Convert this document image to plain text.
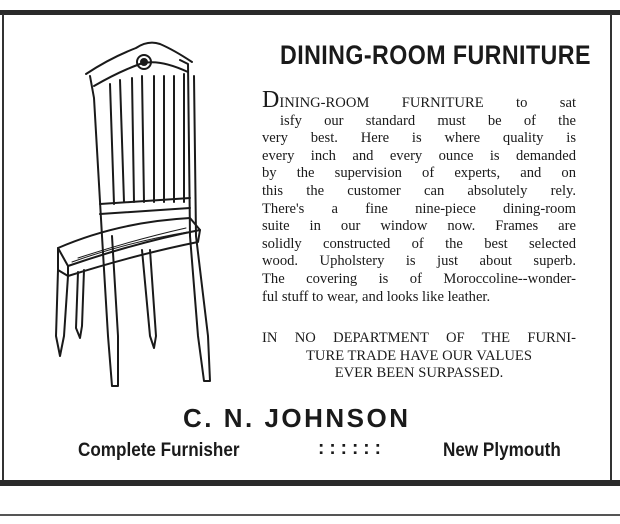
DINING-ROOM FURNITURE
DINING-ROOM FURNITURE to sat
isfy our standard must be of the
very best. Here is where quality is
every inch and every ounce is demanded
by the supervision of experts, and on
this the customer can absolutely rely.
There's a fine nine-piece dining-room
suite in our window now. Frames are
solidly constructed of the best selected
wood. Upholstery is just about superb.
The covering is of Moroccoline--wonder-
ful stuff to wear, and looks like leather.
IN NO DEPARTMENT OF THE FURNI-
TURE TRADE HAVE OUR VALUES
EVER BEEN SURPASSED.
C. N. JOHNSON
Complete Furnisher	::::::	New Plymouth
